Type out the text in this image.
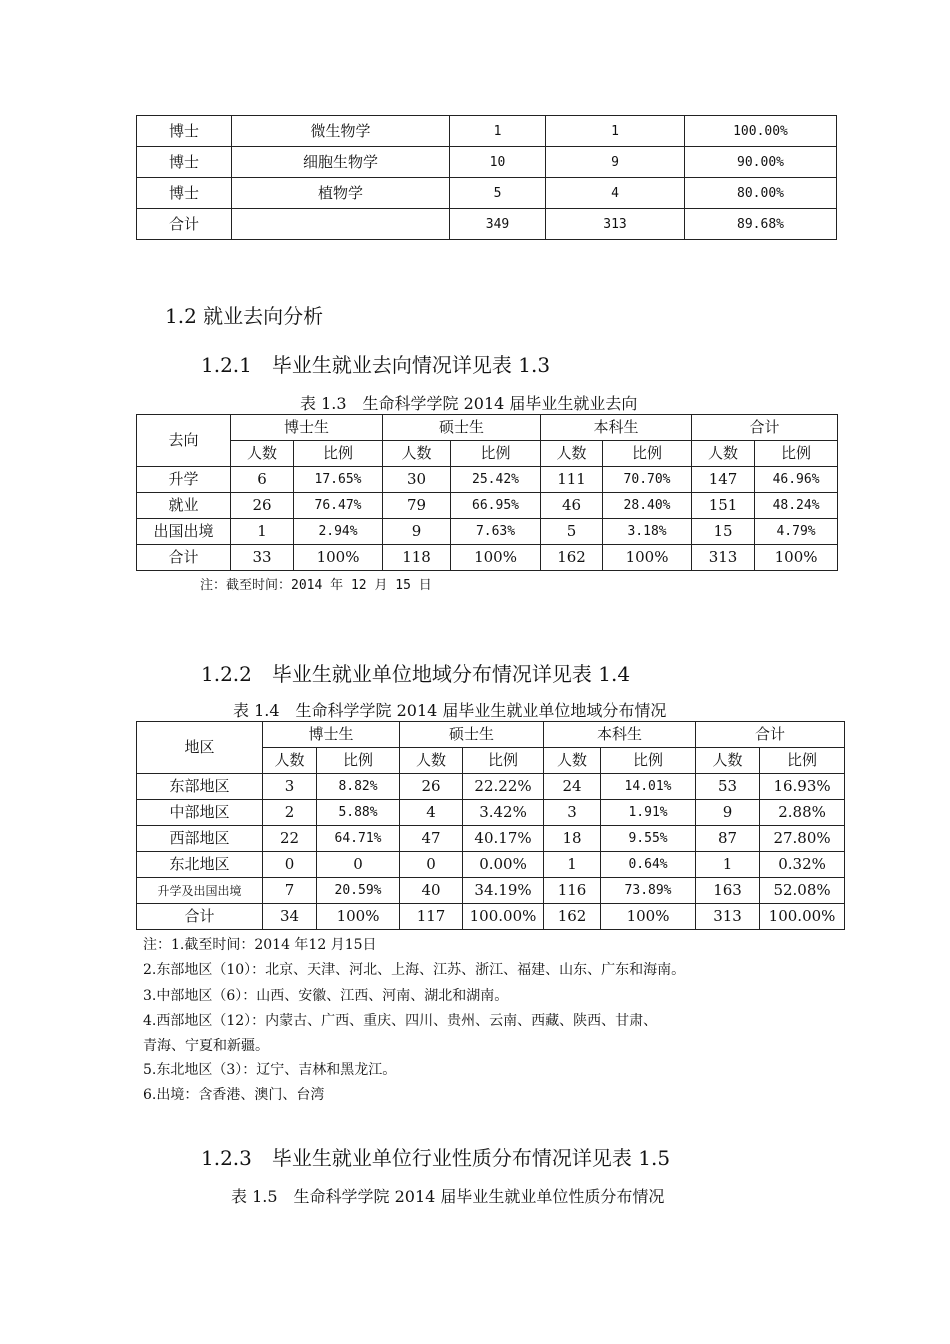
博士	微生物学	1	1	100.00%
博士	细胞生物学	10	9	90.00%
博士	植物学	5	4	80.00%
合计		349	313	89.68%
1.2 就业去向分析
1.2.1　毕业生就业去向情况详见表 1.3
表 1.3　生命科学学院 2014 届毕业生就业去向
去向	博士生		硕士生		本科生		合计	
	人数	比例	人数	比例	人数	比例	人数	比例
升学	6	17.65%	30	25.42%	111	70.70%	147	46.96%
就业	26	76.47%	79	66.95%	46	28.40%	151	48.24%
出国出境	1	2.94%	9	7.63%	5	3.18%	15	4.79%
合计	33	100%	118	100%	162	100%	313	100%
注：截至时间：2014 年 12 月 15 日
1.2.2　毕业生就业单位地域分布情况详见表 1.4
表 1.4　生命科学学院 2014 届毕业生就业单位地域分布情况
地区	博士生		硕士生		本科生		合计	
	人数	比例	人数	比例	人数	比例	人数	比例
东部地区	3	8.82%	26	22.22%	24	14.01%	53	16.93%
中部地区	2	5.88%	4	3.42%	3	1.91%	9	2.88%
西部地区	22	64.71%	47	40.17%	18	9.55%	87	27.80%
东北地区	0	0	0	0.00%	1	0.64%	1	0.32%
升学及出国出境	7	20.59%	40	34.19%	116	73.89%	163	52.08%
合计	34	100%	117	100.00%	162	100%	313	100.00%
注：1.截至时间：2014 年12 月15日
2.东部地区（10）：北京、天津、河北、上海、江苏、浙江、福建、山东、广东和海南。
3.中部地区（6）：山西、安徽、江西、河南、湖北和湖南。
4.西部地区（12）：内蒙古、广西、重庆、四川、贵州、云南、西藏、陕西、甘肃、
青海、宁夏和新疆。
5.东北地区（3）：辽宁、吉林和黑龙江。
6.出境：含香港、澳门、台湾
1.2.3　毕业生就业单位行业性质分布情况详见表 1.5
表 1.5　生命科学学院 2014 届毕业生就业单位性质分布情况
